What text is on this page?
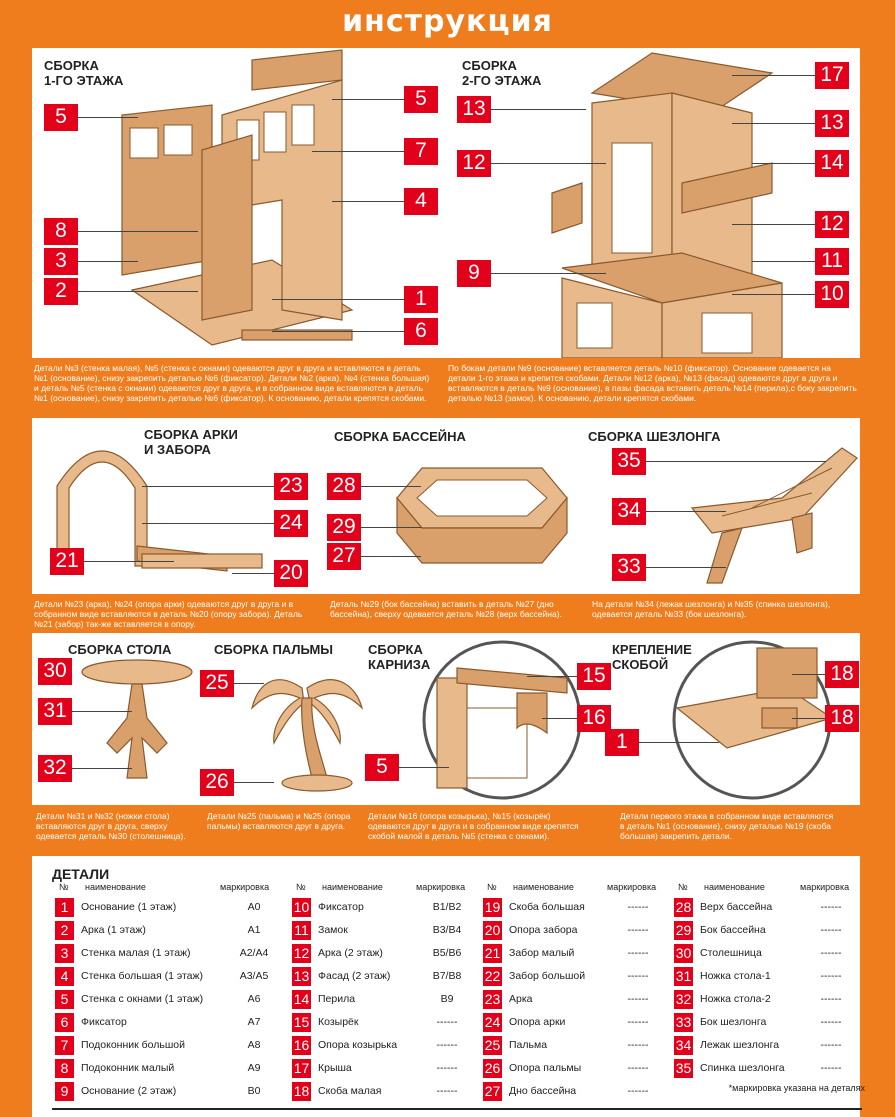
инструкция
СБОРКА
1-ГО ЭТАЖА
СБОРКА
2-ГО ЭТАЖА
5
8
3
2
5
7
4
1
6
13
12
9
17
13
14
12
11
10
Детали №3 (стенка малая), №5 (стенка с окнами) одеваются друг в друга и вставляются в деталь №1 (основание), снизу закрепить деталью №6 (фиксатор). Детали №2 (арка), №4 (стенка большая) и деталь №5 (стенка с окнами) одеваются друг в друга, и в собранном виде вставляются в деталь №1 (основание), снизу закрепить деталью №6 (фиксатор). К основанию, детали крепятся скобами.
По бокам детали №9 (основание) вставляется деталь №10 (фиксатор). Основание одевается на детали 1-го этажа и крепится скобами. Детали №12 (арка), №13 (фасад) одеваются друг в друга и вставляются в деталь №9 (основание), в пазы фасада вставить деталь №14 (перила),с боку закрепить деталью №13 (замок). К основанию, детали крепятся скобами.
СБОРКА АРКИ
И ЗАБОРА
СБОРКА БАССЕЙНА	СБОРКА ШЕЗЛОНГА
23
24
21
20
28
29
27
35
34
33
Детали №23 (арка), №24 (опора арки) одеваются друг в друга и в собранном виде вставляются в деталь №20 (опору забора). Деталь №21 (забор) так-же вставляется в опору.
Деталь №29 (бок бассейна) вставить в деталь №27 (дно бассейна), сверху одевается деталь №28 (верх бассейна).
На детали №34 (лежак шезлонга) и №35 (спинка шезлонга), одевается деталь №33 (бок шезлонга).
СБОРКА СТОЛА	СБОРКА ПАЛЬМЫ	СБОРКА
КАРНИЗА
КРЕПЛЕНИЕ
СКОБОЙ
30
31
32
25
26
15
16
5
18
18
1
Детали №31 и №32 (ножки стола) вставляются друг в друга, сверху одевается деталь №30 (столешница).
Детали №25 (пальма) и №25 (опора пальмы) вставляются друг в друга.
Детали №16 (опора козырька), №15 (козырёк) одеваются друг в друга и в собранном виде крепятся скобой малой в деталь №5 (стенка с окнами).
Детали первого этажа в собранном виде вставляются в деталь №1 (основание), снизу деталью №19 (скоба большая) закрепить детали.
ДЕТАЛИ
№ наименование	маркировка
1	Основание (1 этаж)	A0
2	Арка (1 этаж)	A1
3	Стенка малая (1 этаж)	A2/A4
4	Стенка большая (1 этаж)	A3/A5
5	Стенка с окнами (1 этаж)	A6
6	Фиксатор	A7
7	Подоконник большой	A8
8	Подоконник малый	A9
9	Основание (2 этаж)	B0
№ наименование	маркировка
10 Фиксатор	B1/B2
11 Замок	B3/B4
12 Арка (2 этаж)	B5/B6
13 Фасад (2 этаж)	B7/B8
14 Перила	B9
15 Козырёк	------
16 Опора козырька	------
17 Крыша	------
18 Скоба малая	------
№ наименование	маркировка
19 Скоба большая	------
20 Опора забора	------
21 Забор малый	------
22 Забор большой	------
23 Арка	------
24 Опора арки	------
25 Пальма	------
26 Опора пальмы	------
27 Дно бассейна	------
№ наименование	маркировка
28 Верх бассейна	------
29 Бок бассейна	------
30 Столешница	------
31 Ножка стола-1	------
32 Ножка стола-2	------
33 Бок шезлонга	------
34 Лежак шезлонга	------
35 Спинка шезлонга	------
*маркировка указана на деталях
